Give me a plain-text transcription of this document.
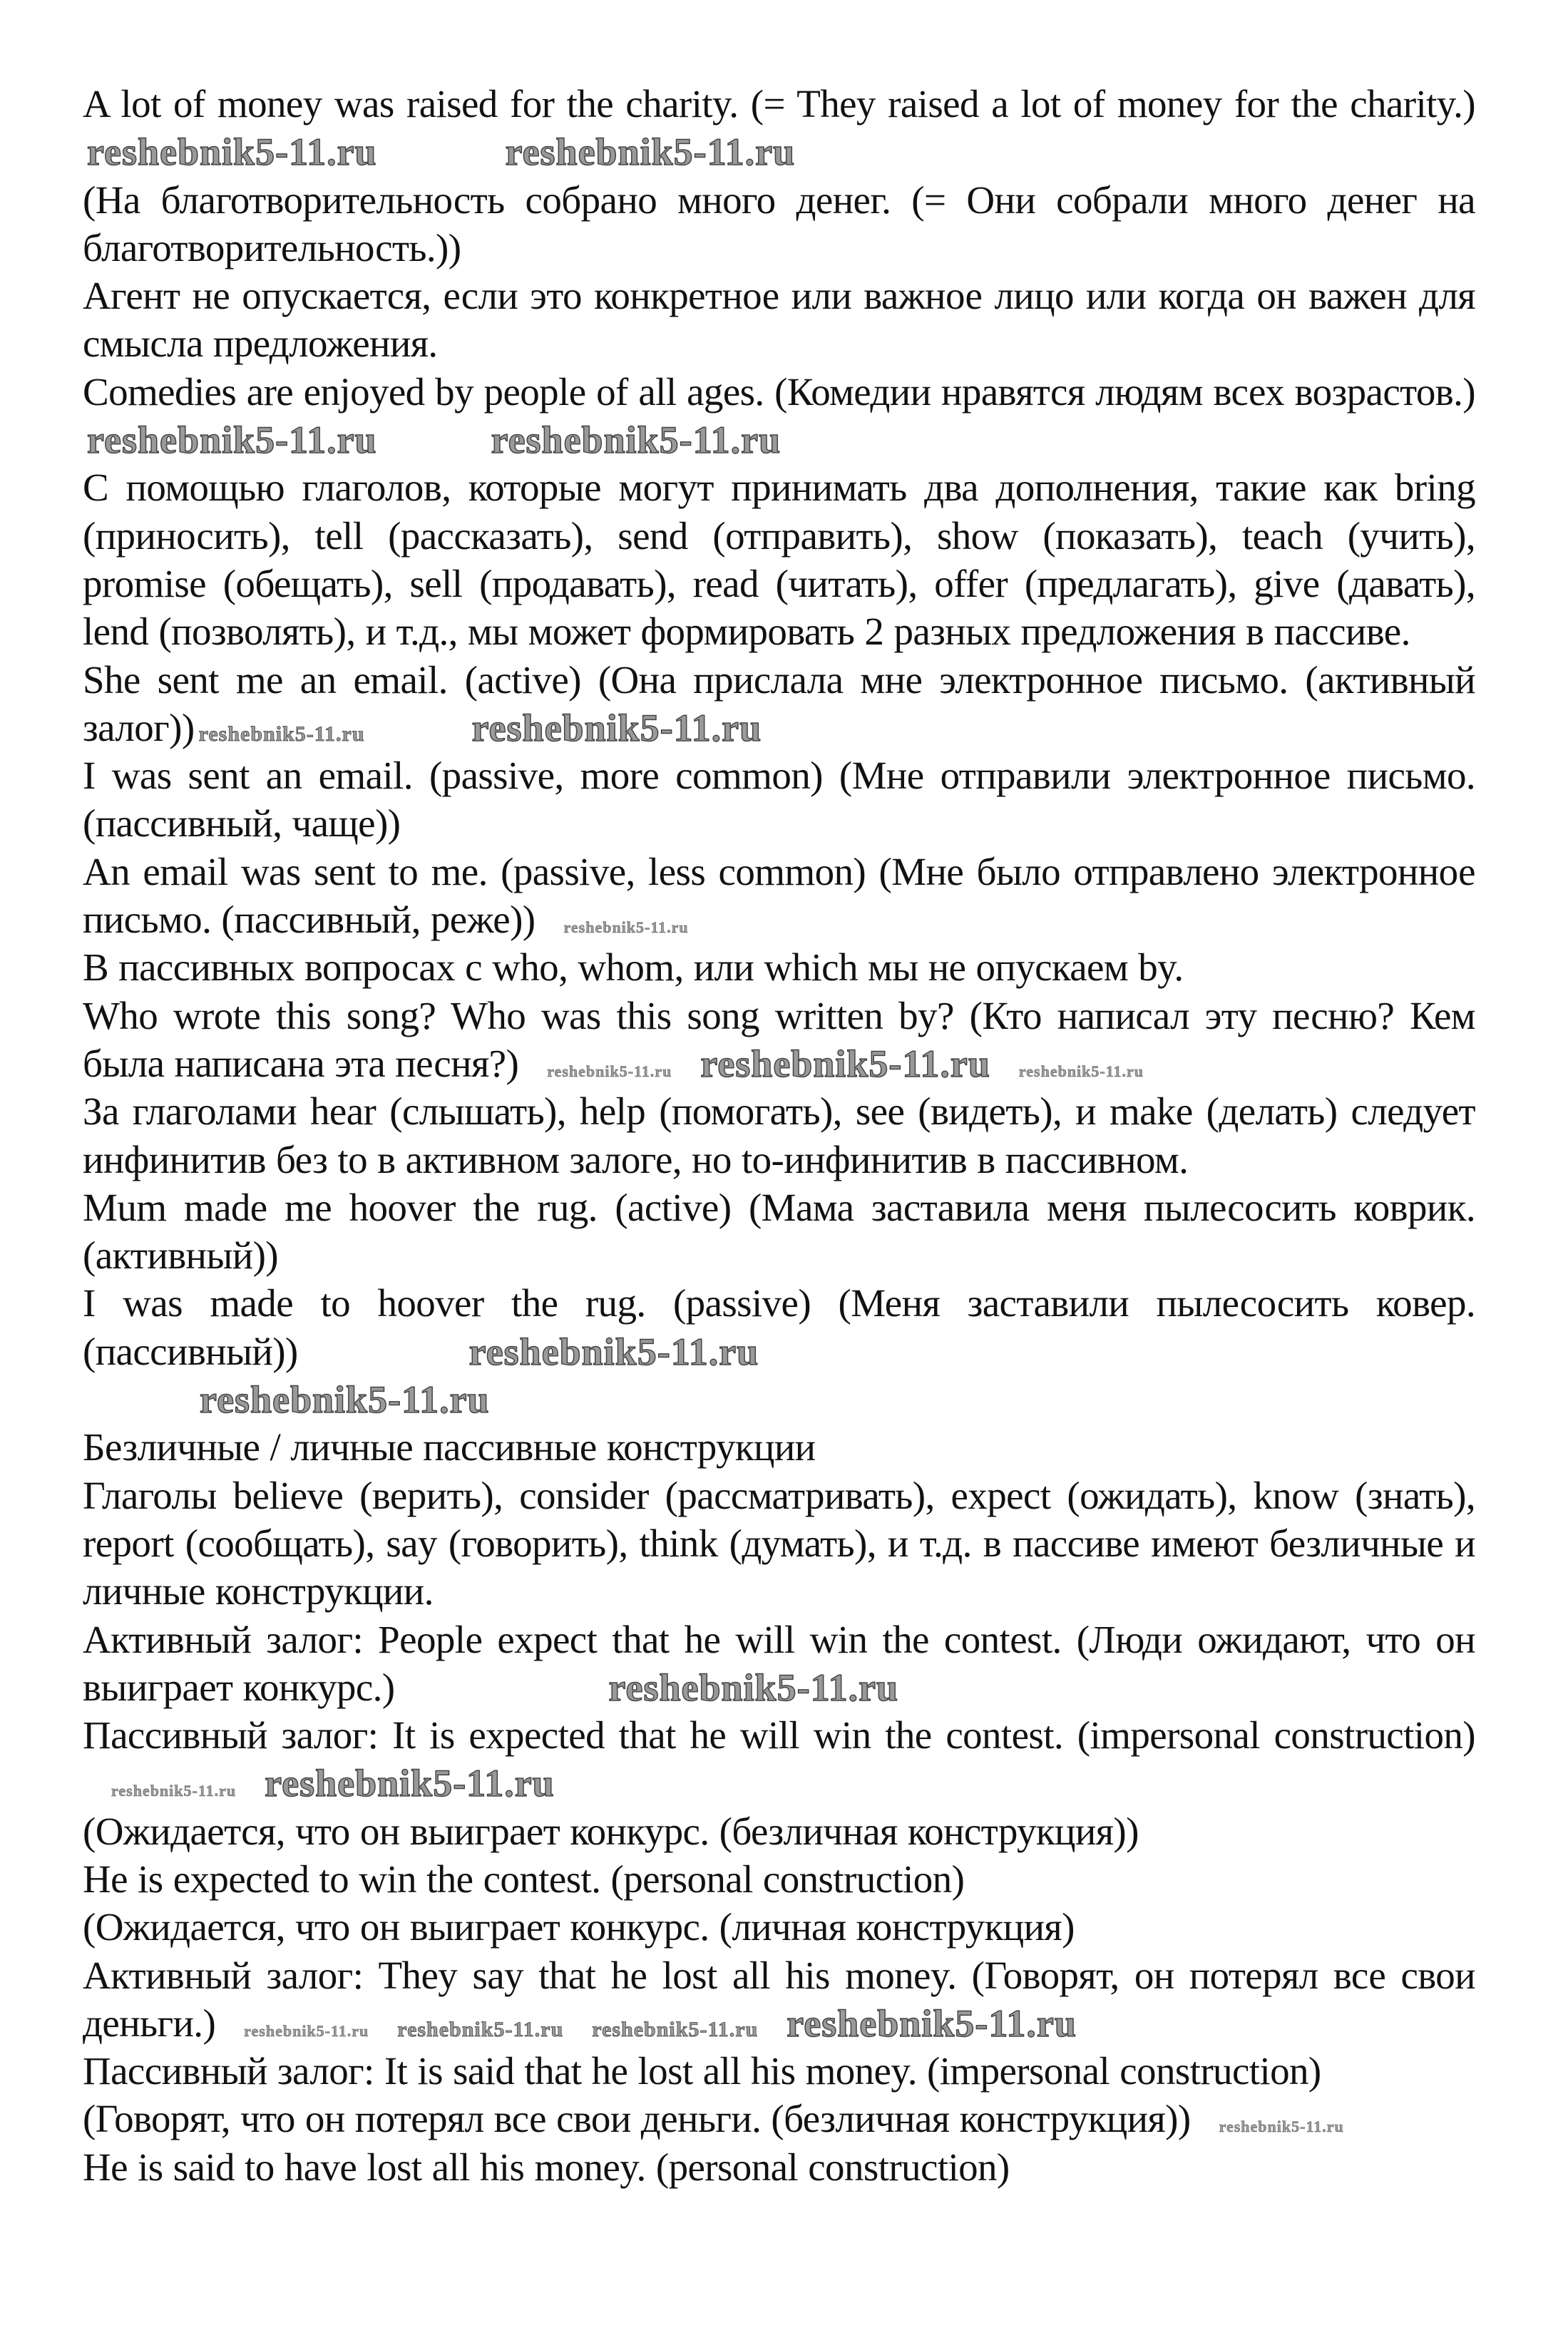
A lot of money was raised for the charity. (= They raised a lot of money for the charity.)reshebnik5-11.ru	reshebnik5-11.ru

(На благотворительность собрано много денег. (= Они собрали много денег на благотворительность.))

Агент не опускается, если это конкретное или важное лицо или когда он важен для смысла предложения.

Comedies are enjoyed by people of all ages. (Комедии нравятся людям всех возрастов.)reshebnik5-11.ru	reshebnik5-11.ru

С помощью глаголов, которые могут принимать два дополнения, такие как bring (приносить), tell (рассказать), send (отправить), show (показать), teach (учить), promise (обещать), sell (продавать), read (читать), offer (предлагать), give (давать), lend (позволять), и т.д., мы может формировать 2 разных предложения в пассиве.

She sent me an email. (active) (Она прислала мне электронное письмо. (активный залог)) reshebnik5-11.ru	reshebnik5-11.ru

I was sent an email. (passive, more common) (Мне отправили электронное письмо. (пассивный, чаще))

An email was sent to me. (passive, less common) (Мне было отправлено электронное письмо. (пассивный, реже)) reshebnik5-11.ru

В пассивных вопросах с who, whom, или which мы не опускаем by.

Who wrote this song? Who was this song written by? (Кто написал эту песню? Кем была написана эта песня?) reshebnik5-11.ru reshebnik5-11.ru reshebnik5-11.ru

За глаголами hear (слышать), help (помогать), see (видеть), и make (делать) следует инфинитив без to в активном залоге, но to-инфинитив в пассивном.

Mum made me hoover the rug. (active) (Мама заставила меня пылесосить коврик. (активный))

I was made to hoover the rug. (passive) (Меня заставили пылесосить ковер. (пассивный))	reshebnik5-11.ru

reshebnik5-11.ru

Безличные / личные пассивные конструкции

Глаголы believe (верить), consider (рассматривать), expect (ожидать), know (знать), report (сообщать), say (говорить), think (думать), и т.д. в пассиве имеют безличные и личные конструкции.

Активный залог: People expect that he will win the contest. (Люди ожидают, что он выиграет конкурс.)	reshebnik5-11.ru

Пассивный залог: It is expected that he will win the contest. (impersonal construction)reshebnik5-11.ru reshebnik5-11.ru

(Ожидается, что он выиграет конкурс. (безличная конструкция))

He is expected to win the contest. (personal construction)

(Ожидается, что он выиграет конкурс. (личная конструкция)

Активный залог: They say that he lost all his money. (Говорят, он потерял все свои деньги.) reshebnik5-11.ru reshebnik5-11.ru reshebnik5-11.ru reshebnik5-11.ru

Пассивный залог: It is said that he lost all his money. (impersonal construction)

(Говорят, что он потерял все свои деньги. (безличная конструкция)) reshebnik5-11.ru

He is said to have lost all his money. (personal construction)
